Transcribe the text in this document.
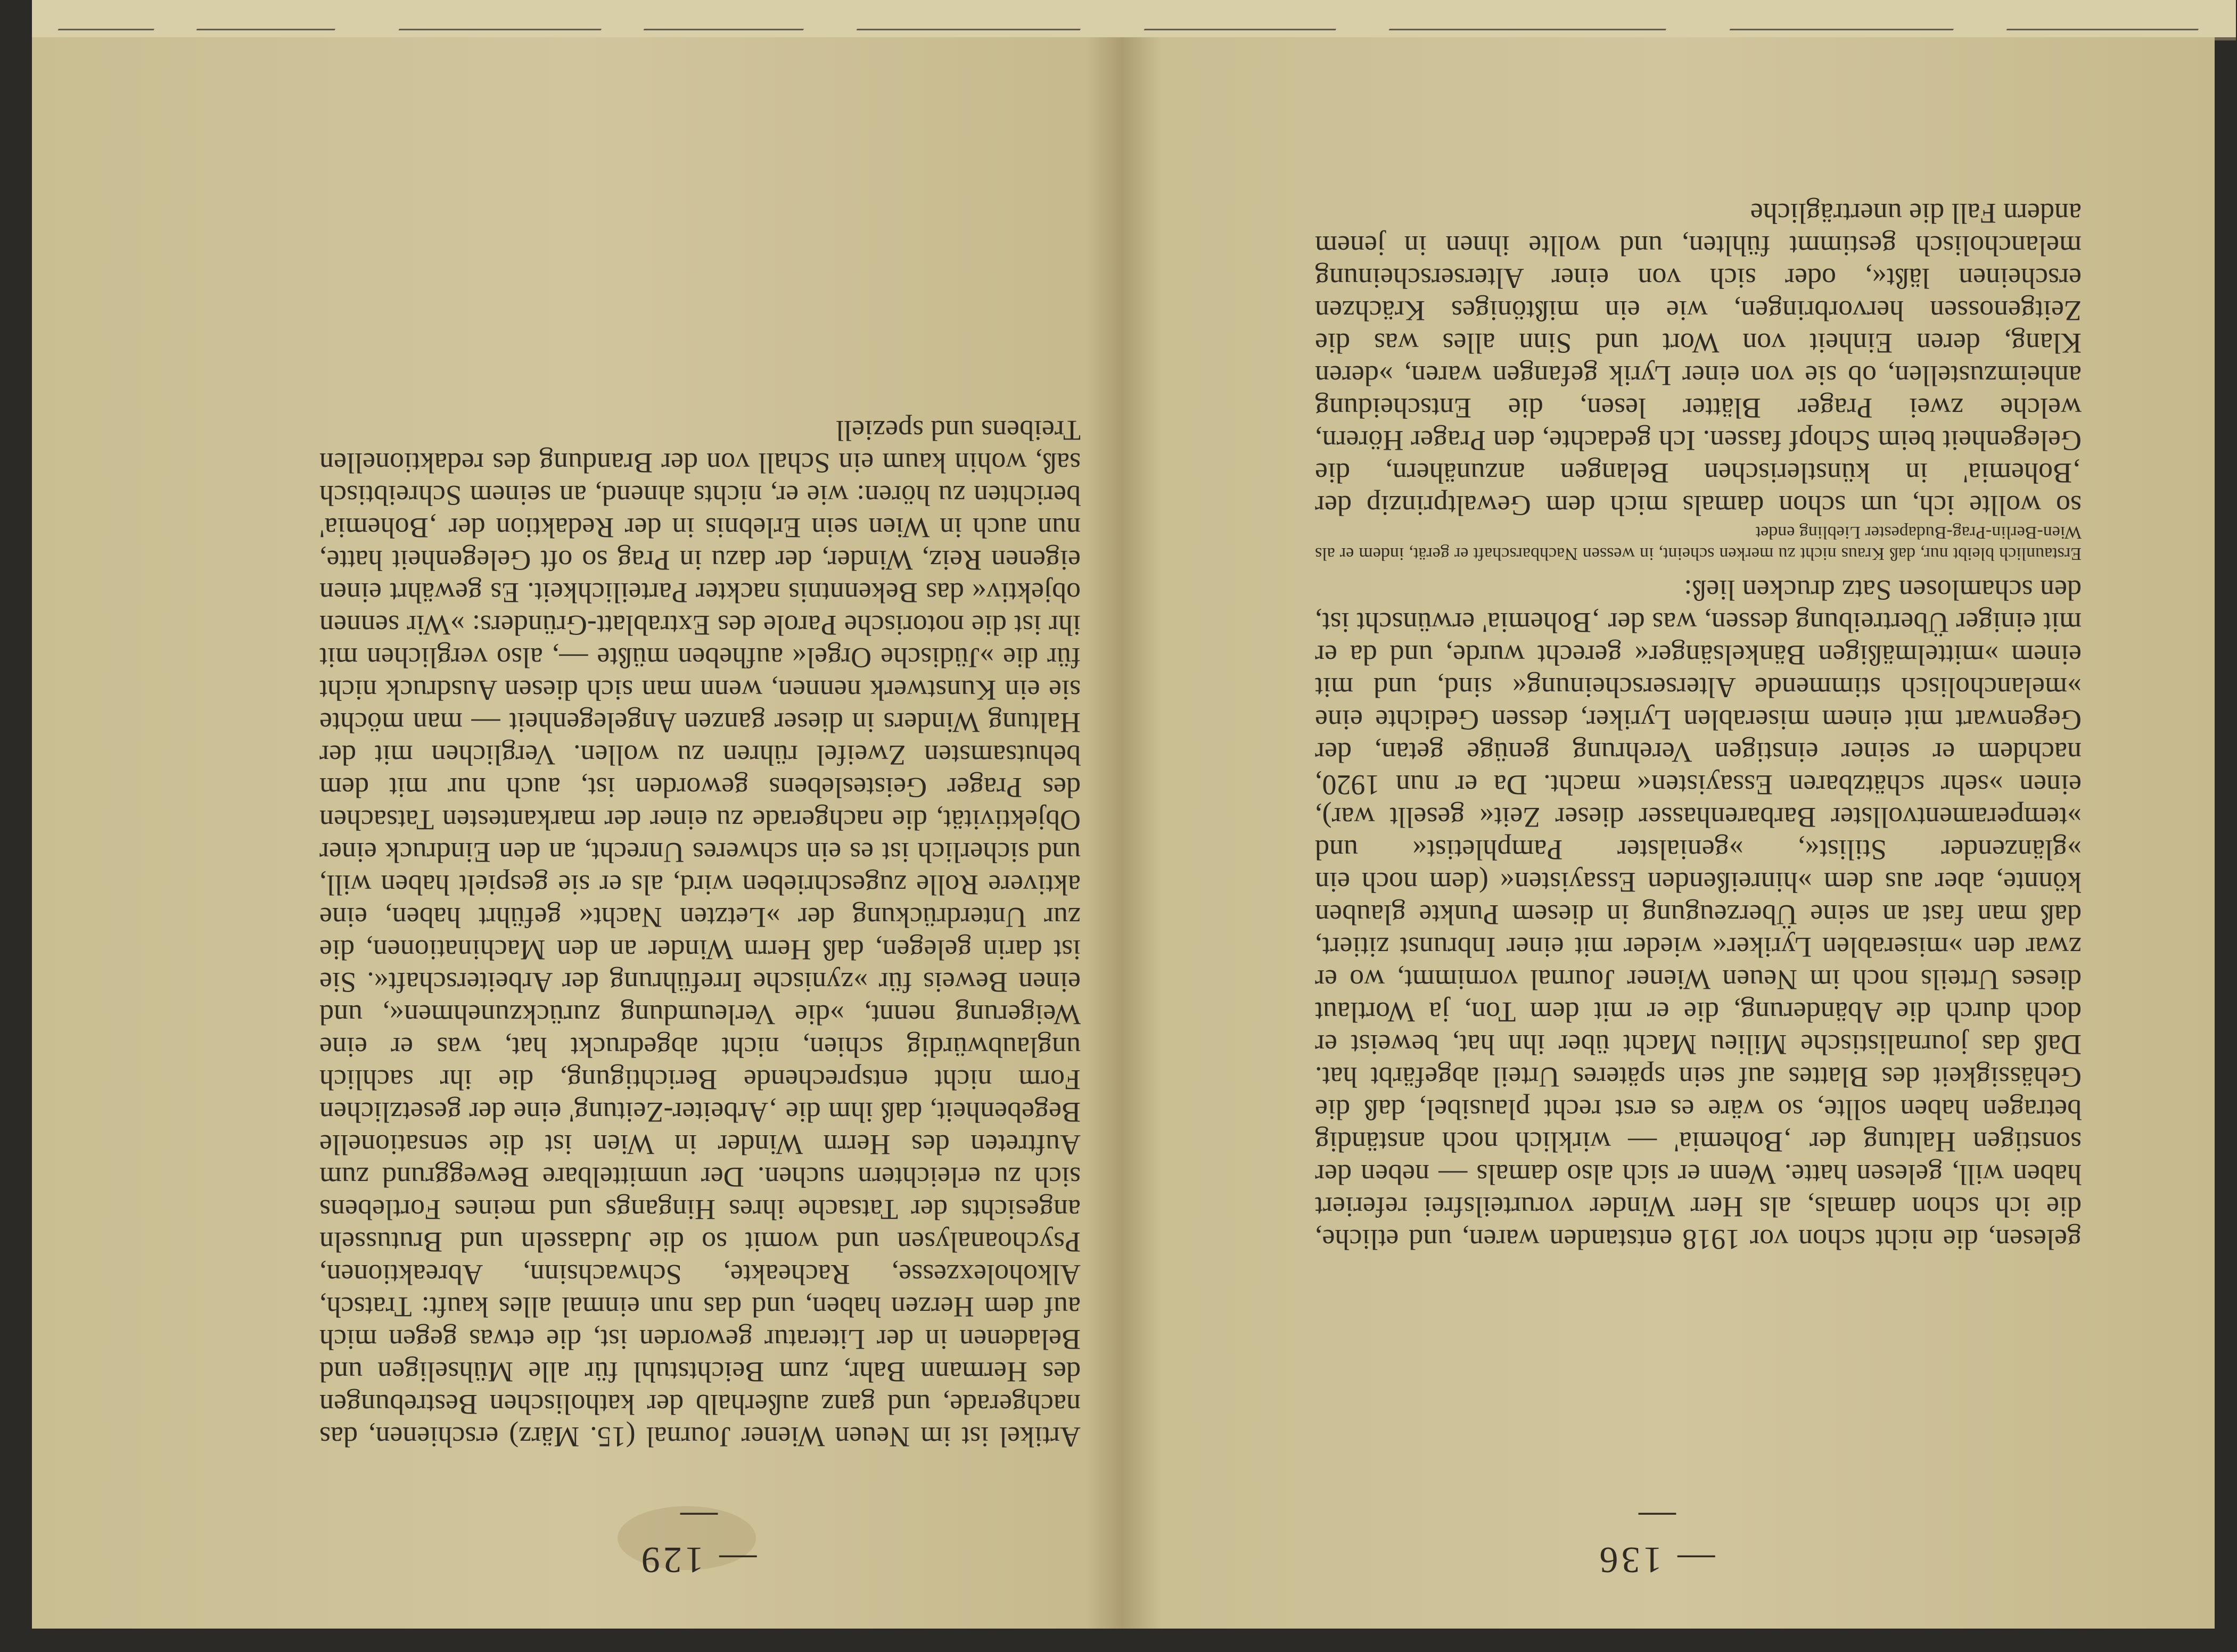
Artikel ist im Neuen Wiener Journal (15. März) erschienen, das nachgerade, und ganz außerhalb der katholischen Bestrebungen des Hermann Bahr, zum Beichtstuhl für alle Mühseligen und Beladenen in der Literatur geworden ist, die etwas gegen mich auf dem Herzen haben, und das nun einmal alles kauft: Tratsch, Alkoholexzesse, Racheakte, Schwachsinn, Abreaktionen, Psychoanalysen und womit so die Judasseln und Brutusseln angesichts der Tatsache ihres Hingangs und meines Fortlebens sich zu erleichtern suchen. Der unmittelbare Beweggrund zum Auftreten des Herrn Winder in Wien ist die sensationelle Begebenheit, daß ihm die ‚Arbeiter-Zeitung' eine der gesetzlichen Form nicht entsprechende Berichtigung, die ihr sachlich unglaubwürdig schien, nicht abgedruckt hat, was er eine Weigerung nennt, »die Verleumdung zurückzunehmen«, und einen Beweis für »zynische Irreführung der Arbeiterschaft«. Sie ist darin gelegen, daß Herrn Winder an den Machinationen, die zur Unterdrückung der »Letzten Nacht« geführt haben, eine aktivere Rolle zugeschrieben wird, als er sie gespielt haben will, und sicherlich ist es ein schweres Unrecht, an den Eindruck einer Objektivität, die nachgerade zu einer der markantesten Tatsachen des Prager Geisteslebens geworden ist, auch nur mit dem behutsamsten Zweifel rühren zu wollen. Verglichen mit der Haltung Winders in dieser ganzen Angelegenheit — man möchte sie ein Kunstwerk nennen, wenn man sich diesen Ausdruck nicht für die »Jüdische Orgel« aufheben müßte —, also verglichen mit ihr ist die notorische Parole des Extrablatt-Gründers: »Wir sennen objektiv« das Bekenntnis nackter Parteilichkeit. Es gewährt einen eigenen Reiz, Winder, der dazu in Prag so oft Gelegenheit hatte, nun auch in Wien sein Erlebnis in der Redaktion der ‚Bohemia' berichten zu hören: wie er, nichts ahnend, an seinem Schreibtisch saß, wohin kaum ein Schall von der Brandung des redaktionellen Treibens und speziell

— 129 —

gelesen, die nicht schon vor 1918 entstanden waren, und etliche, die ich schon damals, als Herr Winder vorurteilsfrei referiert haben will, gelesen hatte. Wenn er sich also damals — neben der sonstigen Haltung der ‚Bohemia' — wirklich noch anständig betragen haben sollte, so wäre es erst recht plausibel, daß die Gehässigkeit des Blattes auf sein späteres Urteil abgefärbt hat. Daß das journalistische Milieu Macht über ihn hat, beweist er doch durch die Abänderung, die er mit dem Ton, ja Wortlaut dieses Urteils noch im Neuen Wiener Journal vornimmt, wo er zwar den »miserablen Lyriker« wieder mit einer Inbrunst zitiert, daß man fast an seine Überzeugung in diesem Punkte glauben könnte, aber aus dem »hinreißenden Essayisten« (dem noch ein »glänzender Stilist«, »genialster Pamphletist« und »temperamentvollster Barbarenhasser dieser Zeit« gesellt war), einen »sehr schätzbaren Essayisten« macht. Da er nun 1920, nachdem er seiner einstigen Verehrung genüge getan, der Gegenwart mit einem miserablen Lyriker, dessen Gedichte eine »melancholisch stimmende Alterserscheinung« sind, und mit einem »mittelmäßigen Bänkelsänger« gerecht wurde, und da er mit einiger Übertreibung dessen, was der ‚Bohemia' erwünscht ist, den schamlosen Satz drucken ließ:

Erstaunlich bleibt nur, daß Kraus nicht zu merken scheint, in wessen Nachbarschaft er gerät, indem er als Wien-Berlin-Prag-Budapester Liebling endet

so wollte ich, um schon damals mich dem Gewaltprinzip der ‚Bohemia' in künstlerischen Belangen anzunähern, die Gelegenheit beim Schopf fassen. Ich gedachte, den Prager Hörern, welche zwei Prager Blätter lesen, die Entscheidung anheimzustellen, ob sie von einer Lyrik gefangen waren, »deren Klang, deren Einheit von Wort und Sinn alles was die Zeitgenossen hervorbringen, wie ein mißtöniges Krächzen erscheinen läßt«, oder sich von einer Alterserscheinung melancholisch gestimmt fühlten, und wollte ihnen in jenem andern Fall die unerträgliche

— 136 —
